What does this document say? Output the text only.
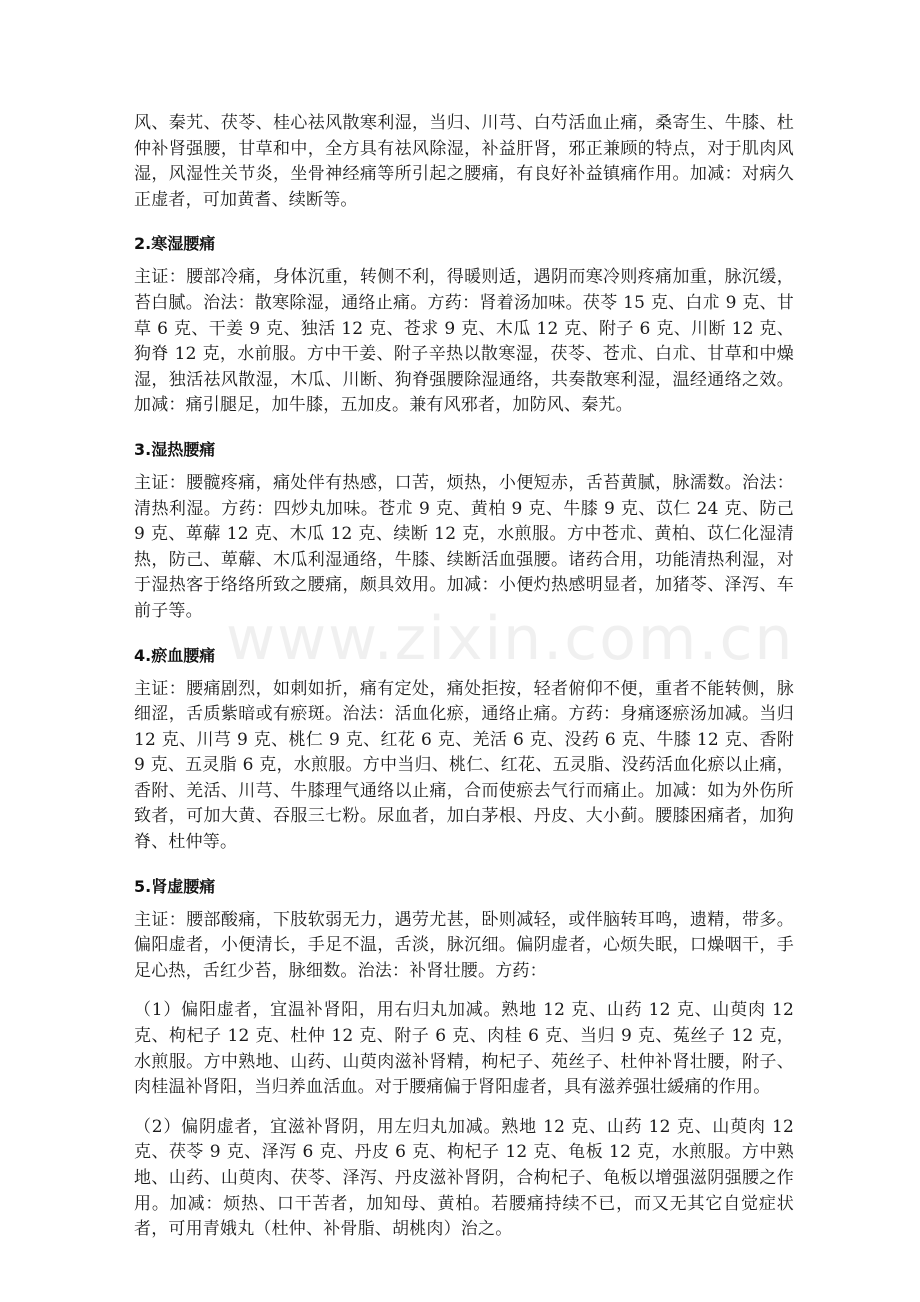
www.zixin.com.cn

风、秦艽、茯苓、桂心祛风散寒利湿，当归、川芎、白芍活血止痛，桑寄生、牛膝、杜仲补肾强腰，甘草和中，全方具有祛风除湿，补益肝肾，邪正兼顾的特点，对于肌肉风湿，风湿性关节炎，坐骨神经痛等所引起之腰痛，有良好补益镇痛作用。加减：对病久正虚者，可加黄耆、续断等。

2.寒湿腰痛

主证：腰部冷痛，身体沉重，转侧不利，得暖则适，遇阴而寒冷则疼痛加重，脉沉缓，苔白腻。治法：散寒除湿，通络止痛。方药：肾着汤加味。茯苓 15 克、白朮 9 克、甘草 6 克、干姜 9 克、独活 12 克、苍求 9 克、木瓜 12 克、附子 6 克、川断 12 克、狗脊 12 克，水前服。方中干姜、附子辛热以散寒湿，茯苓、苍朮、白朮、甘草和中燥湿，独活祛风散湿，木瓜、川断、狗脊强腰除湿通络，共奏散寒利湿，温经通络之效。加减：痛引腿足，加牛膝，五加皮。兼有风邪者，加防风、秦艽。

3.湿热腰痛

主证：腰髋疼痛，痛处伴有热感，口苦，烦热，小便短赤，舌苔黄腻，脉濡数。治法：清热利湿。方药：四炒丸加味。苍朮 9 克、黄柏 9 克、牛膝 9 克、苡仁 24 克、防己 9 克、萆薢 12 克、木瓜 12 克、续断 12 克，水煎服。方中苍朮、黄柏、苡仁化湿清热，防己、萆薢、木瓜利湿通络，牛膝、续断活血强腰。诸药合用，功能清热利湿，对于湿热客于络络所致之腰痛，颇具效用。加减：小便灼热感明显者，加猪苓、泽泻、车前子等。

4.瘀血腰痛

主证：腰痛剧烈，如刺如折，痛有定处，痛处拒按，轻者俯仰不便，重者不能转侧，脉细涩，舌质紫暗或有瘀斑。治法：活血化瘀，通络止痛。方药：身痛逐瘀汤加减。当归 12 克、川芎 9 克、桃仁 9 克、红花 6 克、羌活 6 克、没药 6 克、牛膝 12 克、香附 9 克、五灵脂 6 克，水煎服。方中当归、桃仁、红花、五灵脂、没药活血化瘀以止痛，香附、羌活、川芎、牛膝理气通络以止痛，合而使瘀去气行而痛止。加减：如为外伤所致者，可加大黄、吞服三七粉。尿血者，加白茅根、丹皮、大小蓟。腰膝困痛者，加狗脊、杜仲等。

5.肾虚腰痛

主证：腰部酸痛，下肢软弱无力，遇劳尤甚，卧则减轻，或伴脑转耳鸣，遗精，带多。偏阳虚者，小便清长，手足不温，舌淡，脉沉细。偏阴虚者，心烦失眠，口燥咽干，手足心热，舌红少苔，脉细数。治法：补肾壮腰。方药：

（1）偏阳虚者，宜温补肾阳，用右归丸加减。熟地 12 克、山药 12 克、山萸肉 12 克、枸杞子 12 克、杜仲 12 克、附子 6 克、肉桂 6 克、当归 9 克、菟丝子 12 克，水煎服。方中熟地、山药、山萸肉滋补肾精，枸杞子、苑丝子、杜仲补肾壮腰，附子、肉桂温补肾阳，当归养血活血。对于腰痛偏于肾阳虚者，具有滋养强壮緩痛的作用。

（2）偏阴虚者，宜滋补肾阴，用左归丸加减。熟地 12 克、山药 12 克、山萸肉 12 克、茯苓 9 克、泽泻 6 克、丹皮 6 克、枸杞子 12 克、龟板 12 克，水煎服。方中熟地、山药、山萸肉、茯苓、泽泻、丹皮滋补肾阴，合枸杞子、龟板以增强滋阴强腰之作用。加减：烦热、口干苦者，加知母、黄柏。若腰痛持续不已，而又无其它自觉症状者，可用青娥丸（杜仲、补骨脂、胡桃肉）治之。
